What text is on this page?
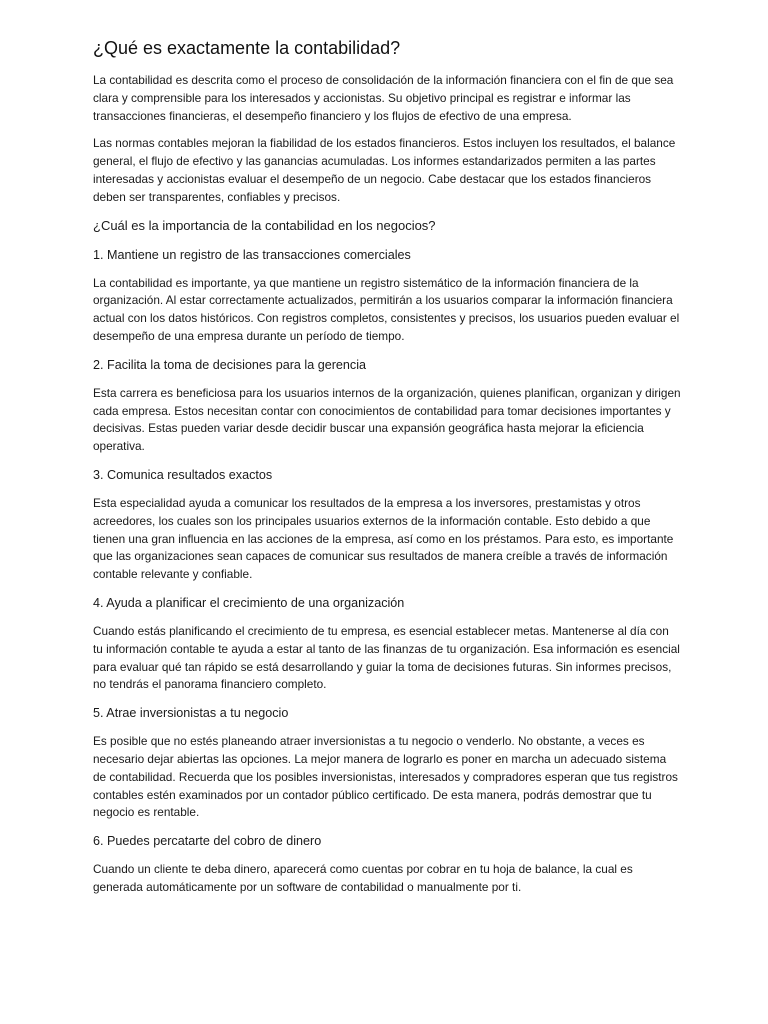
¿Qué es exactamente la contabilidad?

La contabilidad es descrita como el proceso de consolidación de la información financiera con el fin de que sea clara y comprensible para los interesados y accionistas. Su objetivo principal es registrar e informar las transacciones financieras, el desempeño financiero y los flujos de efectivo de una empresa.

Las normas contables mejoran la fiabilidad de los estados financieros. Estos incluyen los resultados, el balance general, el flujo de efectivo y las ganancias acumuladas. Los informes estandarizados permiten a las partes interesadas y accionistas evaluar el desempeño de un negocio. Cabe destacar que los estados financieros deben ser transparentes, confiables y precisos.

¿Cuál es la importancia de la contabilidad en los negocios?
1. Mantiene un registro de las transacciones comerciales

La contabilidad es importante, ya que mantiene un registro sistemático de la información financiera de la organización. Al estar correctamente actualizados, permitirán a los usuarios comparar la información financiera actual con los datos históricos. Con registros completos, consistentes y precisos, los usuarios pueden evaluar el desempeño de una empresa durante un período de tiempo.

2. Facilita la toma de decisiones para la gerencia

Esta carrera es beneficiosa para los usuarios internos de la organización, quienes planifican, organizan y dirigen cada empresa. Estos necesitan contar con conocimientos de contabilidad para tomar decisiones importantes y decisivas. Estas pueden variar desde decidir buscar una expansión geográfica hasta mejorar la eficiencia operativa.

3. Comunica resultados exactos

Esta especialidad ayuda a comunicar los resultados de la empresa a los inversores, prestamistas y otros acreedores, los cuales son los principales usuarios externos de la información contable. Esto debido a que tienen una gran influencia en las acciones de la empresa, así como en los préstamos. Para esto, es importante que las organizaciones sean capaces de comunicar sus resultados de manera creíble a través de información contable relevante y confiable.

4. Ayuda a planificar el crecimiento de una organización

Cuando estás planificando el crecimiento de tu empresa, es esencial establecer metas. Mantenerse al día con tu información contable te ayuda a estar al tanto de las finanzas de tu organización. Esa información es esencial para evaluar qué tan rápido se está desarrollando y guiar la toma de decisiones futuras. Sin informes precisos, no tendrás el panorama financiero completo.

5. Atrae inversionistas a tu negocio

Es posible que no estés planeando atraer inversionistas a tu negocio o venderlo. No obstante, a veces es necesario dejar abiertas las opciones. La mejor manera de lograrlo es poner en marcha un adecuado sistema de contabilidad. Recuerda que los posibles inversionistas, interesados y compradores esperan que tus registros contables estén examinados por un contador público certificado. De esta manera, podrás demostrar que tu negocio es rentable.

6. Puedes percatarte del cobro de dinero

Cuando un cliente te deba dinero, aparecerá como cuentas por cobrar en tu hoja de balance, la cual es generada automáticamente por un software de contabilidad o manualmente por ti.
